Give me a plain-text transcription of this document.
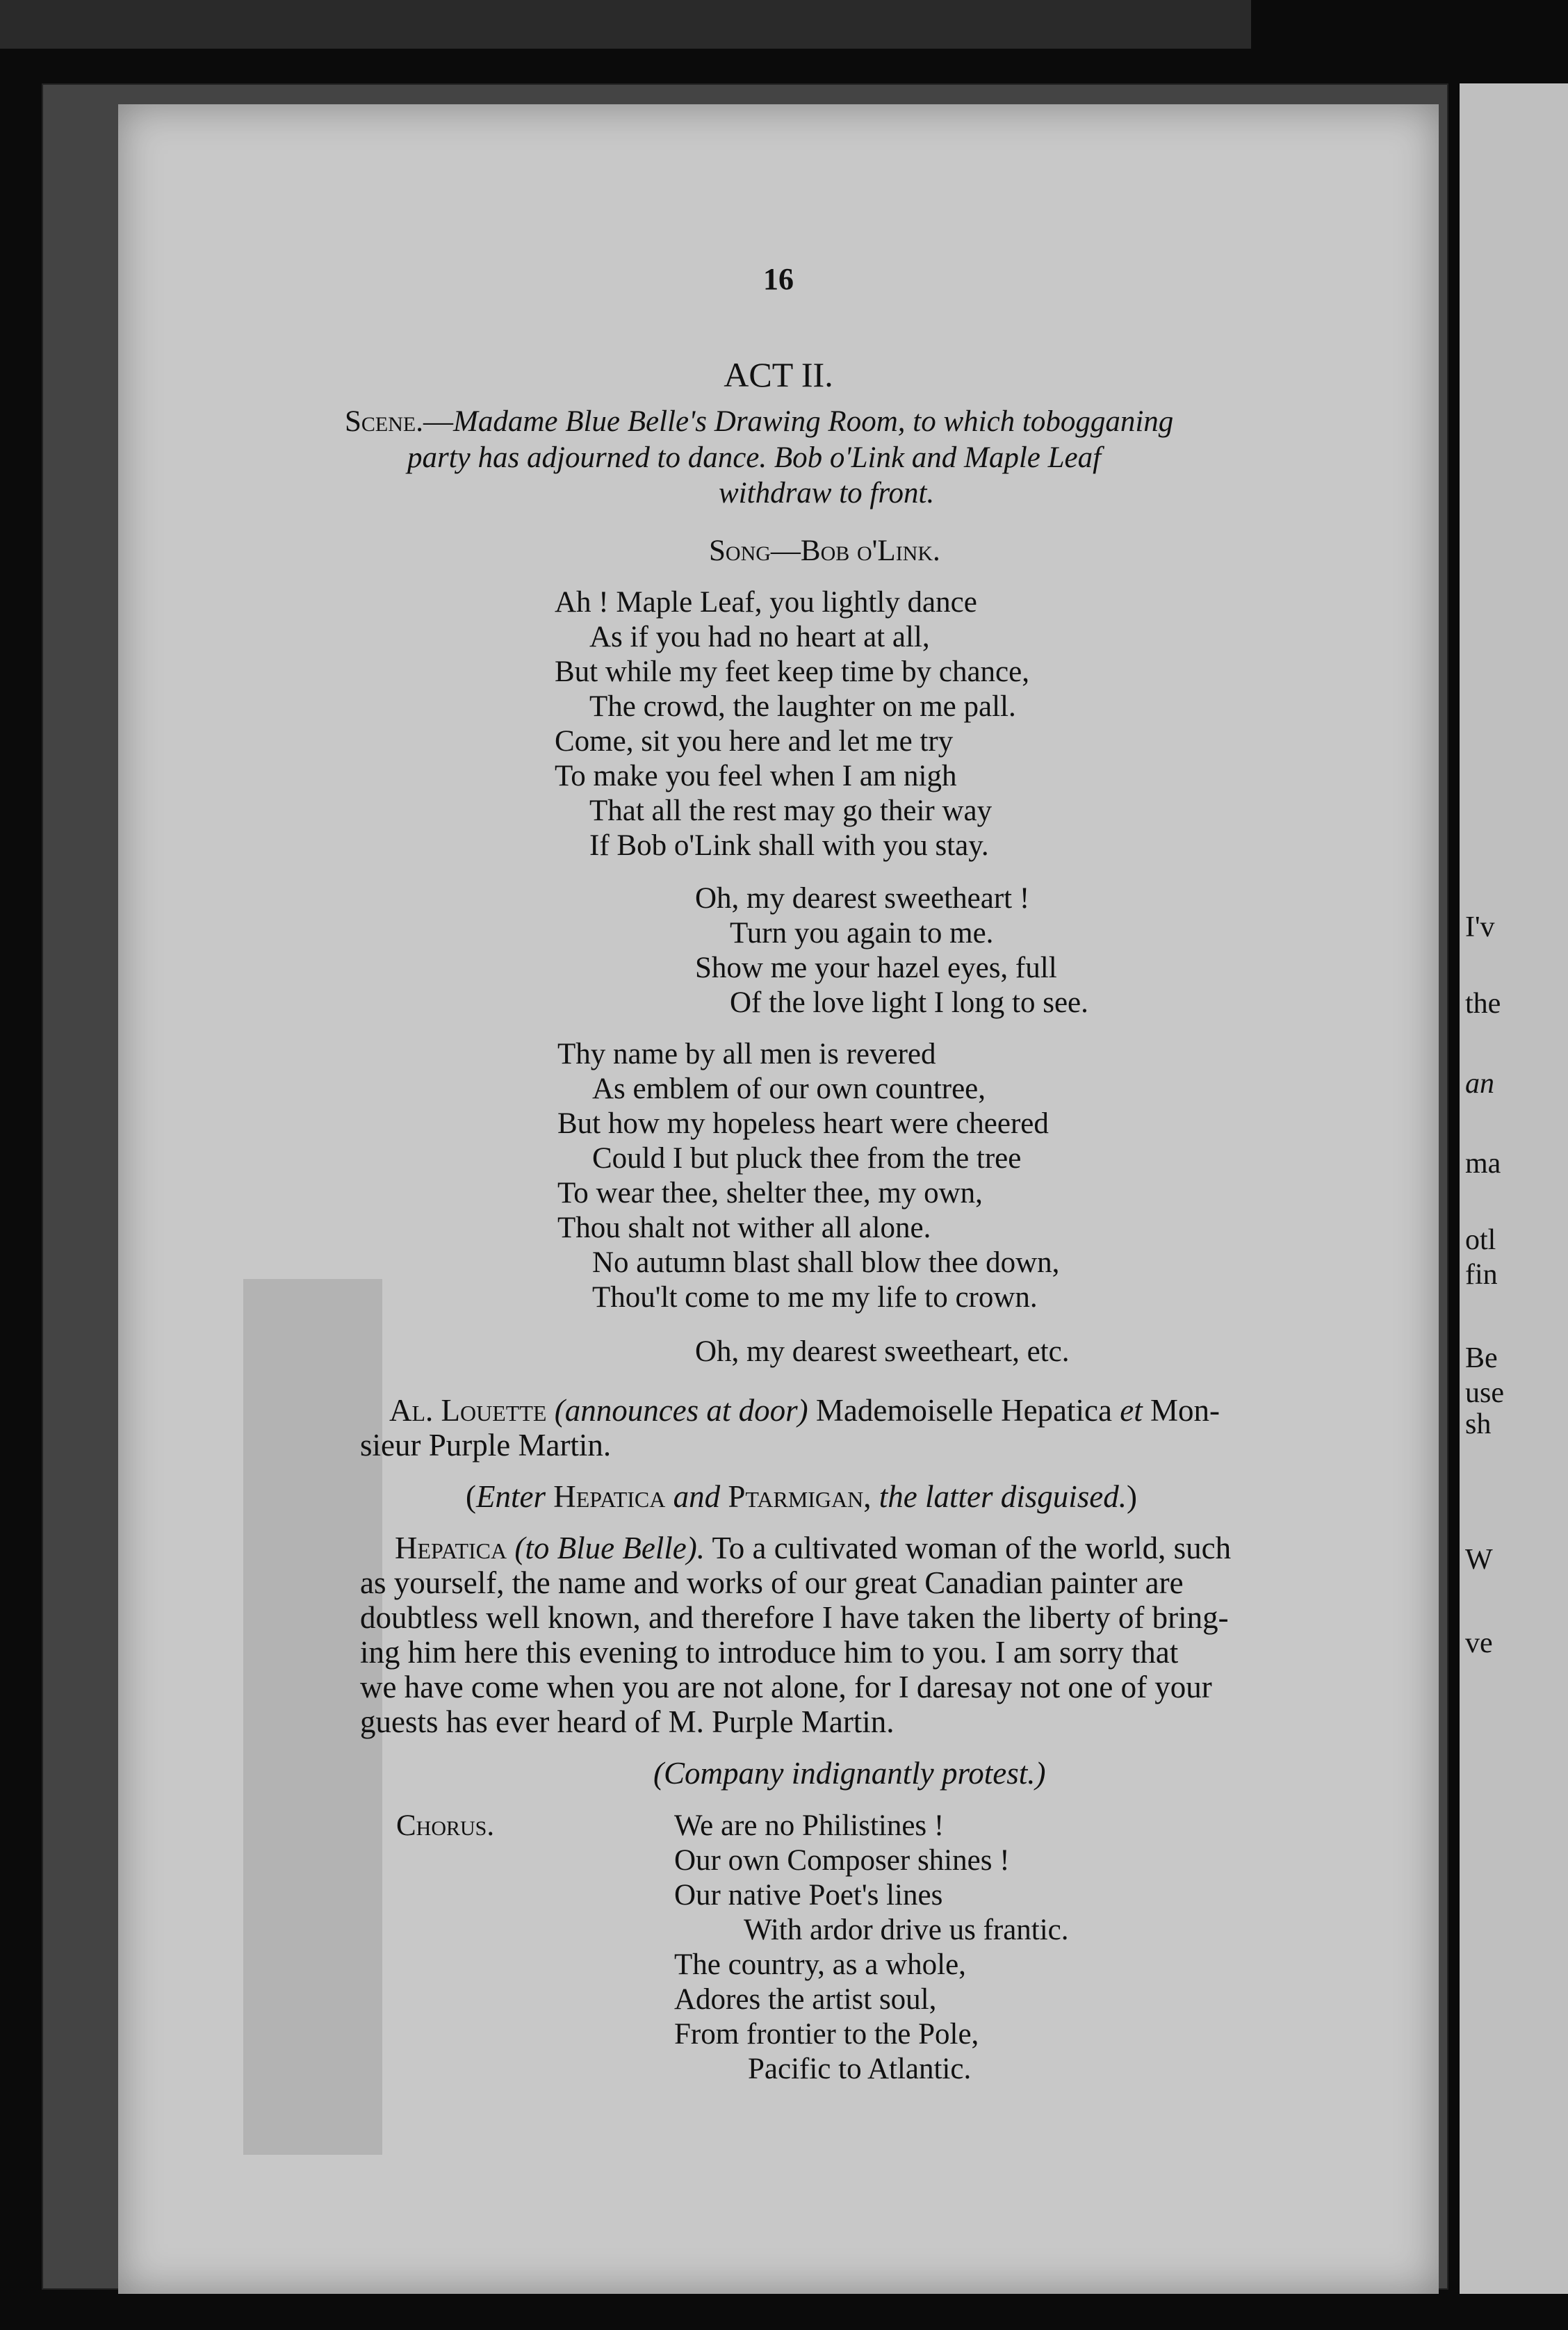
I'v
the
an
ma
otl
fin
Be
use
sh
W
ve
16
ACT II.
Scene.—Madame Blue Belle's Drawing Room, to which tobogganing
party has adjourned to dance. Bob o'Link and Maple Leaf
withdraw to front.
Song—Bob o'Link.
Ah ! Maple Leaf, you lightly dance
As if you had no heart at all,
But while my feet keep time by chance,
The crowd, the laughter on me pall.
Come, sit you here and let me try
To make you feel when I am nigh
That all the rest may go their way
If Bob o'Link shall with you stay.
Oh, my dearest sweetheart !
Turn you again to me.
Show me your hazel eyes, full
Of the love light I long to see.
Thy name by all men is revered
As emblem of our own countree,
But how my hopeless heart were cheered
Could I but pluck thee from the tree
To wear thee, shelter thee, my own,
Thou shalt not wither all alone.
No autumn blast shall blow thee down,
Thou'lt come to me my life to crown.
Oh, my dearest sweetheart, etc.
Al. Louette (announces at door) Mademoiselle Hepatica et Mon-
sieur Purple Martin.
(Enter Hepatica and Ptarmigan, the latter disguised.)
Hepatica (to Blue Belle). To a cultivated woman of the world, such
as yourself, the name and works of our great Canadian painter are
doubtless well known, and therefore I have taken the liberty of bring-
ing him here this evening to introduce him to you. I am sorry that
we have come when you are not alone, for I daresay not one of your
guests has ever heard of M. Purple Martin.
(Company indignantly protest.)
Chorus.	We are no Philistines !
Our own Composer shines !
Our native Poet's lines
With ardor drive us frantic.
The country, as a whole,
Adores the artist soul,
From frontier to the Pole,
Pacific to Atlantic.
